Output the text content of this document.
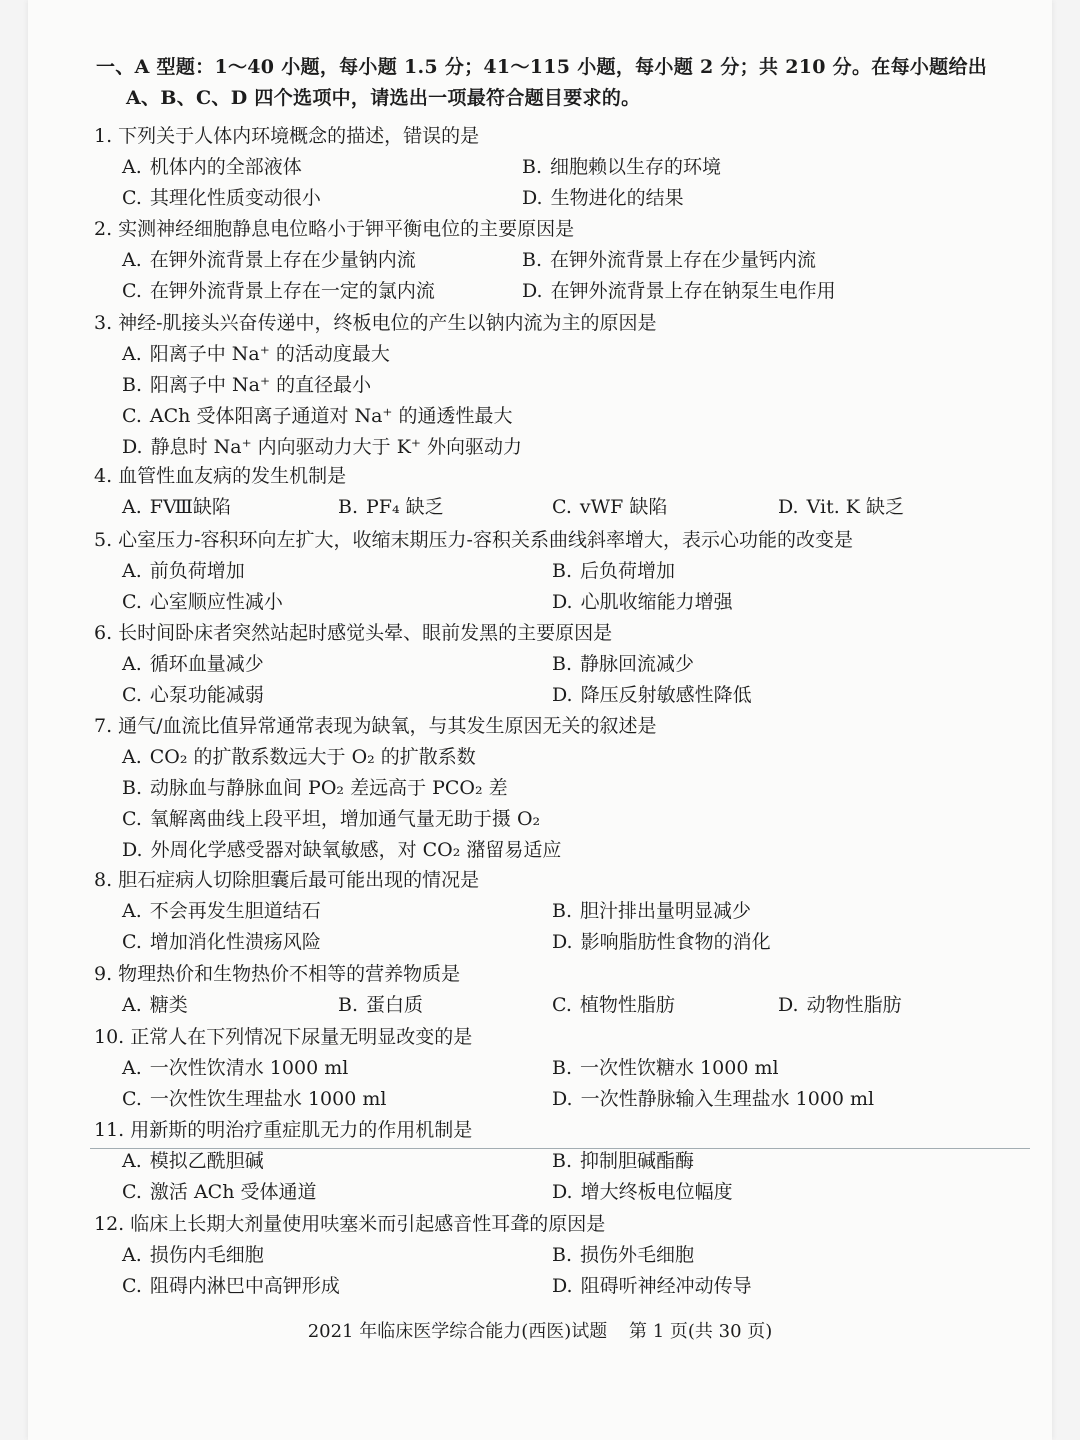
一、A 型题：1～40 小题，每小题 1.5 分；41～115 小题，每小题 2 分；共 210 分。在每小题给出
A、B、C、D 四个选项中，请选出一项最符合题目要求的。
1. 下列关于人体内环境概念的描述，错误的是
A. 机体内的全部液体	B. 细胞赖以生存的环境
C. 其理化性质变动很小	D. 生物进化的结果
2. 实测神经细胞静息电位略小于钾平衡电位的主要原因是
A. 在钾外流背景上存在少量钠内流	B. 在钾外流背景上存在少量钙内流
C. 在钾外流背景上存在一定的氯内流	D. 在钾外流背景上存在钠泵生电作用
3. 神经-肌接头兴奋传递中，终板电位的产生以钠内流为主的原因是
A. 阳离子中 Na⁺ 的活动度最大
B. 阳离子中 Na⁺ 的直径最小
C. ACh 受体阳离子通道对 Na⁺ 的通透性最大
D. 静息时 Na⁺ 内向驱动力大于 K⁺ 外向驱动力
4. 血管性血友病的发生机制是
A. FⅧ缺陷	B. PF₄ 缺乏	C. vWF 缺陷	D. Vit. K 缺乏
5. 心室压力-容积环向左扩大，收缩末期压力-容积关系曲线斜率增大，表示心功能的改变是
A. 前负荷增加	B. 后负荷增加
C. 心室顺应性减小	D. 心肌收缩能力增强
6. 长时间卧床者突然站起时感觉头晕、眼前发黑的主要原因是
A. 循环血量减少	B. 静脉回流减少
C. 心泵功能减弱	D. 降压反射敏感性降低
7. 通气/血流比值异常通常表现为缺氧，与其发生原因无关的叙述是
A. CO₂ 的扩散系数远大于 O₂ 的扩散系数
B. 动脉血与静脉血间 PO₂ 差远高于 PCO₂ 差
C. 氧解离曲线上段平坦，增加通气量无助于摄 O₂
D. 外周化学感受器对缺氧敏感，对 CO₂ 潴留易适应
8. 胆石症病人切除胆囊后最可能出现的情况是
A. 不会再发生胆道结石	B. 胆汁排出量明显减少
C. 增加消化性溃疡风险	D. 影响脂肪性食物的消化
9. 物理热价和生物热价不相等的营养物质是
A. 糖类	B. 蛋白质	C. 植物性脂肪	D. 动物性脂肪
10. 正常人在下列情况下尿量无明显改变的是
A. 一次性饮清水 1000 ml	B. 一次性饮糖水 1000 ml
C. 一次性饮生理盐水 1000 ml	D. 一次性静脉输入生理盐水 1000 ml
11. 用新斯的明治疗重症肌无力的作用机制是
A. 模拟乙酰胆碱	B. 抑制胆碱酯酶
C. 激活 ACh 受体通道	D. 增大终板电位幅度
12. 临床上长期大剂量使用呋塞米而引起感音性耳聋的原因是
A. 损伤内毛细胞	B. 损伤外毛细胞
C. 阻碍内淋巴中高钾形成	D. 阻碍听神经冲动传导
2021 年临床医学综合能力(西医)试题 第 1 页(共 30 页)
